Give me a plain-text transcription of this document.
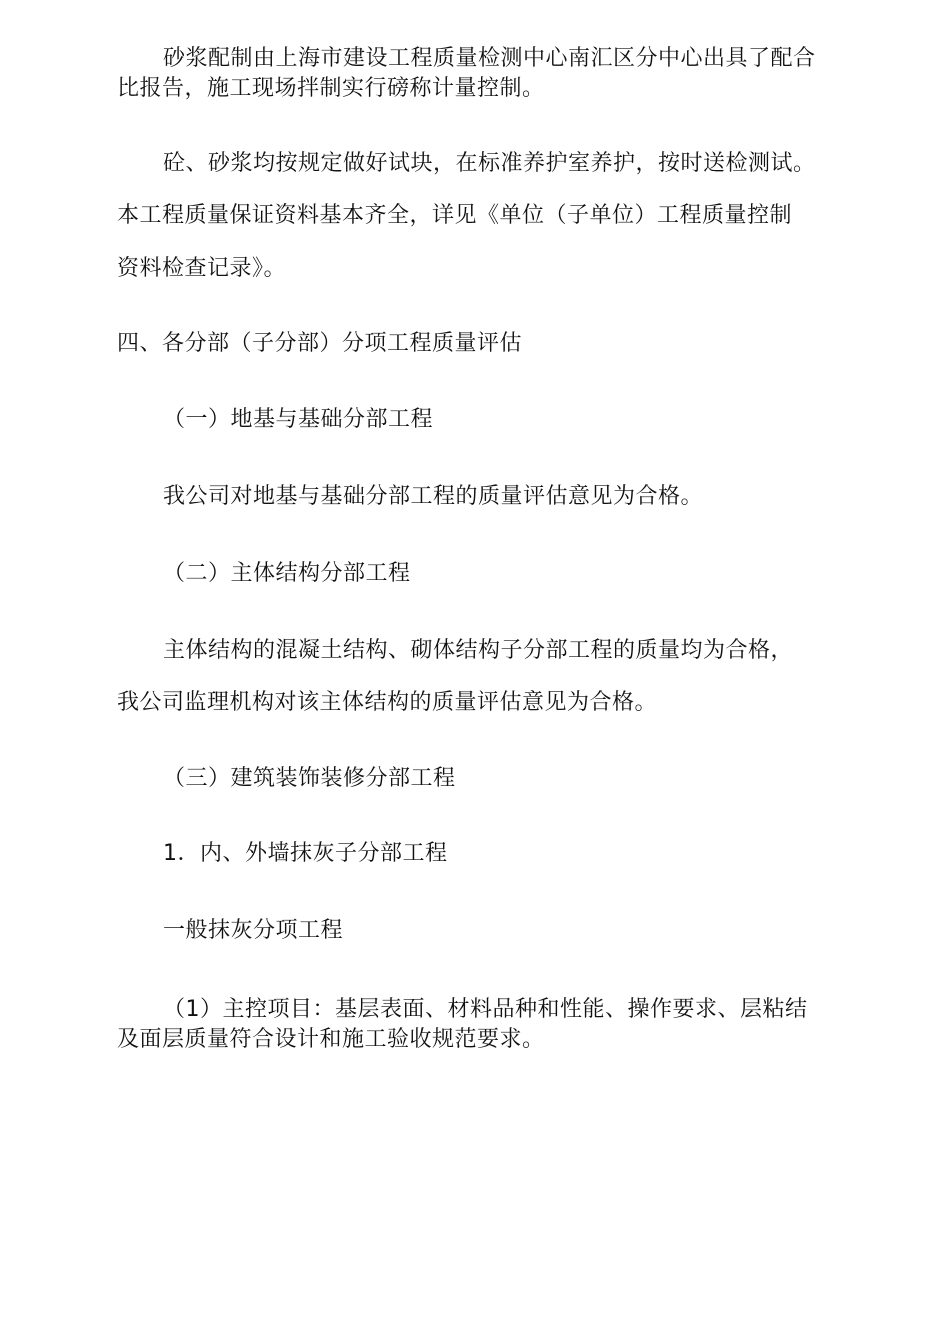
砂浆配制由上海市建设工程质量检测中心南汇区分中心出具了配合
比报告，施工现场拌制实行磅称计量控制。
砼、砂浆均按规定做好试块，在标准养护室养护，按时送检测试。
本工程质量保证资料基本齐全，详见《单位（子单位）工程质量控制
资料检查记录》。
四、各分部（子分部）分项工程质量评估
（一）地基与基础分部工程
我公司对地基与基础分部工程的质量评估意见为合格。
（二）主体结构分部工程
主体结构的混凝土结构、砌体结构子分部工程的质量均为合格，
我公司监理机构对该主体结构的质量评估意见为合格。
（三）建筑装饰装修分部工程
1．内、外墙抹灰子分部工程
一般抹灰分项工程
（1）主控项目：基层表面、材料品种和性能、操作要求、层粘结
及面层质量符合设计和施工验收规范要求。
